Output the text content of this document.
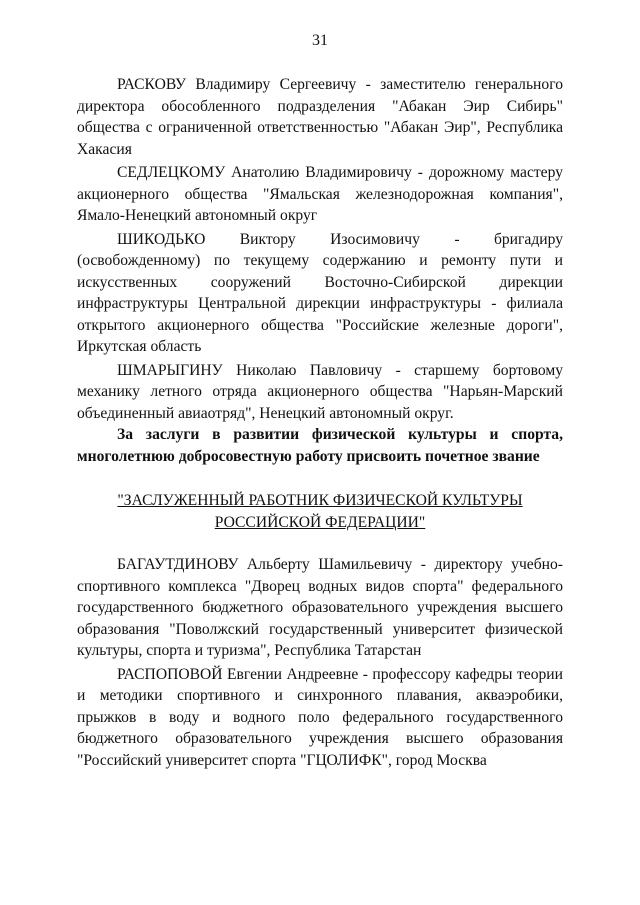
31

РАСКОВУ Владимиру Сергеевичу - заместителю генерального директора обособленного подразделения "Абакан Эир Сибирь" общества с ограниченной ответственностью "Абакан Эир", Республика Хакасия

СЕДЛЕЦКОМУ Анатолию Владимировичу - дорожному мастеру акционерного общества "Ямальская железнодорожная компания", Ямало-Ненецкий автономный округ

ШИКОДЬКО Виктору Изосимовичу - бригадиру (освобожденному) по текущему содержанию и ремонту пути и искусственных сооружений Восточно-Сибирской дирекции инфраструктуры Центральной дирекции инфраструктуры - филиала открытого акционерного общества "Российские железные дороги", Иркутская область

ШМАРЫГИНУ Николаю Павловичу - старшему бортовому механику летного отряда акционерного общества "Нарьян-Марский объединенный авиаотряд", Ненецкий автономный округ.

За заслуги в развитии физической культуры и спорта, многолетнюю добросовестную работу присвоить почетное звание

"ЗАСЛУЖЕННЫЙ РАБОТНИК ФИЗИЧЕСКОЙ КУЛЬТУРЫ
РОССИЙСКОЙ ФЕДЕРАЦИИ"

БАГАУТДИНОВУ Альберту Шамильевичу - директору учебно-спортивного комплекса "Дворец водных видов спорта" федерального государственного бюджетного образовательного учреждения высшего образования "Поволжский государственный университет физической культуры, спорта и туризма", Республика Татарстан

РАСПОПОВОЙ Евгении Андреевне - профессору кафедры теории и методики спортивного и синхронного плавания, акваэробики, прыжков в воду и водного поло федерального государственного бюджетного образовательного учреждения высшего образования "Российский университет спорта "ГЦОЛИФК", город Москва
